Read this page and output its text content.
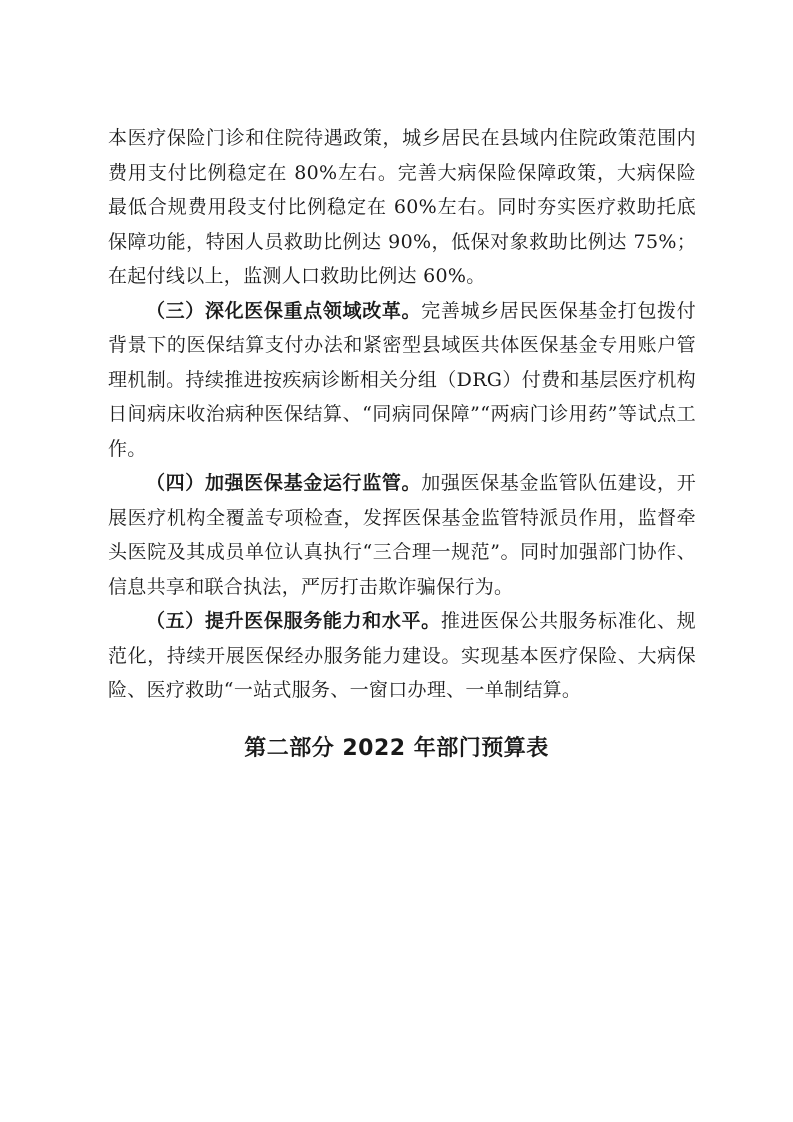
本医疗保险门诊和住院待遇政策，城乡居民在县域内住院政策范围内费用支付比例稳定在 80%左右。完善大病保险保障政策，大病保险最低合规费用段支付比例稳定在 60%左右。同时夯实医疗救助托底保障功能，特困人员救助比例达 90%，低保对象救助比例达 75%；在起付线以上，监测人口救助比例达 60%。

（三）深化医保重点领域改革。完善城乡居民医保基金打包拨付背景下的医保结算支付办法和紧密型县域医共体医保基金专用账户管理机制。持续推进按疾病诊断相关分组（DRG）付费和基层医疗机构日间病床收治病种医保结算、“同病同保障”“两病门诊用药”等试点工作。

（四）加强医保基金运行监管。加强医保基金监管队伍建设，开展医疗机构全覆盖专项检查，发挥医保基金监管特派员作用，监督牵头医院及其成员单位认真执行“三合理一规范”。同时加强部门协作、信息共享和联合执法，严厉打击欺诈骗保行为。

（五）提升医保服务能力和水平。推进医保公共服务标准化、规范化，持续开展医保经办服务能力建设。实现基本医疗保险、大病保险、医疗救助“一站式服务、一窗口办理、一单制结算。

第二部分 2022 年部门预算表
